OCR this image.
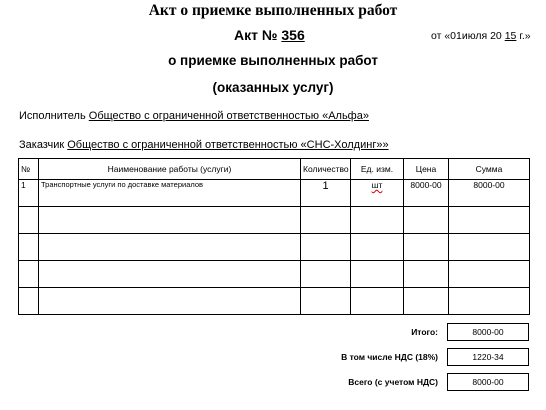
Акт о приемке выполненных работ
Акт № 356	от «01июля 20 15 г.»
о приемке выполненных работ
(оказанных услуг)
Исполнитель Общество с ограниченной ответственностью «Альфа»
Заказчик Общество с ограниченной ответственностью «СНС-Холдинг»»
№	Наименование работы (услуги)	Количество	Ед. изм.	Цена	Сумма
1	Транспортные услуги по доставке материалов	1	шт	8000-00	8000-00

Итого:	8000-00
В том числе НДС (18%)	1220-34
Всего (с учетом НДС)	8000-00
